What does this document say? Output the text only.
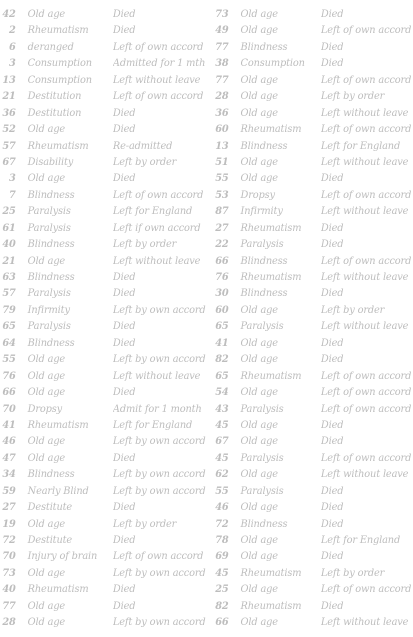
42	Old age	Died
2	Rheumatism	Died
6	deranged	Left of own accord
3	Consumption	Admitted for 1 mth
13	Consumption	Left without leave
21	Destitution	Left of own accord
36	Destitution	Died
52	Old age	Died
57	Rheumatism	Re-admitted
67	Disability	Left by order
3	Old age	Died
7	Blindness	Left of own accord
25	Paralysis	Left for England
61	Paralysis	Left if own accord
40	Blindness	Left by order
21	Old age	Left without leave
63	Blindness	Died
57	Paralysis	Died
79	Infirmity	Left by own accord
65	Paralysis	Died
64	Blindness	Died
55	Old age	Left by own accord
76	Old age	Left without leave
66	Old age	Died
70	Dropsy	Admit for 1 month
41	Rheumatism	Left for England
46	Old age	Left by own accord
47	Old age	Died
34	Blindness	Left by own accord
59	Nearly Blind	Left by own accord
27	Destitute	Died
19	Old age	Left by order
72	Destitute	Died
70	Injury of brain	Left of own accord
73	Old age	Left by own accord
40	Rheumatism	Died
77	Old age	Died
28	Old age	Left by own accord
73	Old age	Died
49	Old age	Left of own accord
77	Blindness	Died
38	Consumption	Died
77	Old age	Left of own accord
28	Old age	Left by order
36	Old age	Left without leave
60	Rheumatism	Left of own accord
13	Blindness	Left for England
51	Old age	Left without leave
55	Old age	Died
53	Dropsy	Left of own accord
87	Infirmity	Left without leave
27	Rheumatism	Died
22	Paralysis	Died
66	Blindness	Left of own accord
76	Rheumatism	Left without leave
30	Blindness	Died
60	Old age	Left by order
65	Paralysis	Left without leave
41	Old age	Died
82	Old age	Died
65	Rheumatism	Left of own accord
54	Old age	Left of own accord
43	Paralysis	Left of own accord
45	Old age	Died
67	Old age	Died
45	Paralysis	Left of own accord
62	Old age	Left without leave
55	Paralysis	Died
46	Old age	Died
72	Blindness	Died
78	Old age	Left for England
69	Old age	Died
45	Rheumatism	Left by order
25	Old age	Left of own accord
82	Rheumatism	Died
66	Old age	Left without leave
